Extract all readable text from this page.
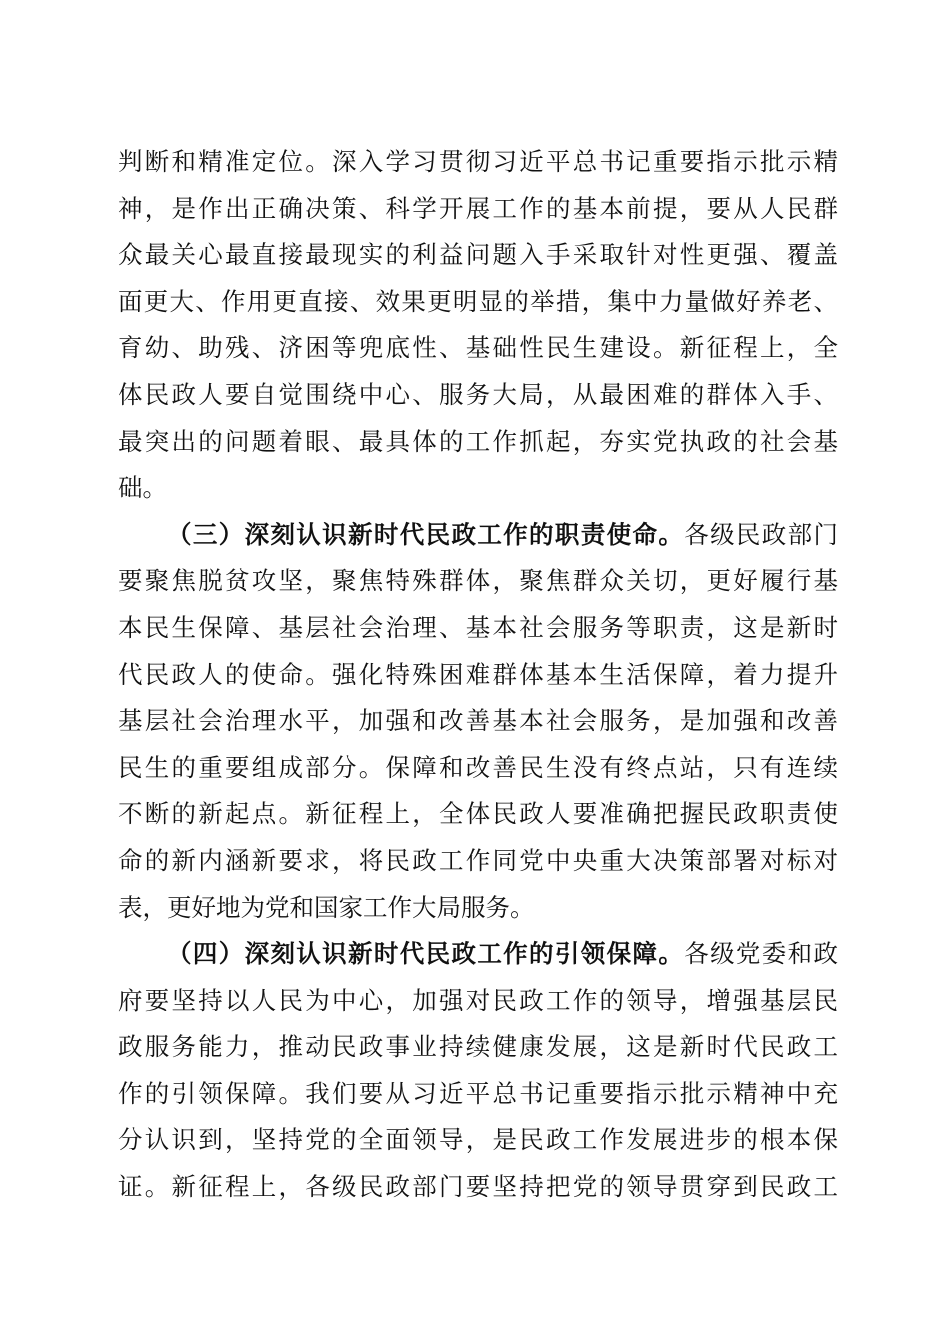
判断和精准定位。深入学习贯彻习近平总书记重要指示批示精
神，是作出正确决策、科学开展工作的基本前提，要从人民群
众最关心最直接最现实的利益问题入手采取针对性更强、覆盖
面更大、作用更直接、效果更明显的举措，集中力量做好养老、
育幼、助残、济困等兜底性、基础性民生建设。新征程上，全
体民政人要自觉围绕中心、服务大局，从最困难的群体入手、
最突出的问题着眼、最具体的工作抓起，夯实党执政的社会基
础。
（三）深刻认识新时代民政工作的职责使命。各级民政部门
要聚焦脱贫攻坚，聚焦特殊群体，聚焦群众关切，更好履行基
本民生保障、基层社会治理、基本社会服务等职责，这是新时
代民政人的使命。强化特殊困难群体基本生活保障，着力提升
基层社会治理水平，加强和改善基本社会服务，是加强和改善
民生的重要组成部分。保障和改善民生没有终点站，只有连续
不断的新起点。新征程上，全体民政人要准确把握民政职责使
命的新内涵新要求，将民政工作同党中央重大决策部署对标对
表，更好地为党和国家工作大局服务。
（四）深刻认识新时代民政工作的引领保障。各级党委和政
府要坚持以人民为中心，加强对民政工作的领导，增强基层民
政服务能力，推动民政事业持续健康发展，这是新时代民政工
作的引领保障。我们要从习近平总书记重要指示批示精神中充
分认识到，坚持党的全面领导，是民政工作发展进步的根本保
证。新征程上，各级民政部门要坚持把党的领导贯穿到民政工
